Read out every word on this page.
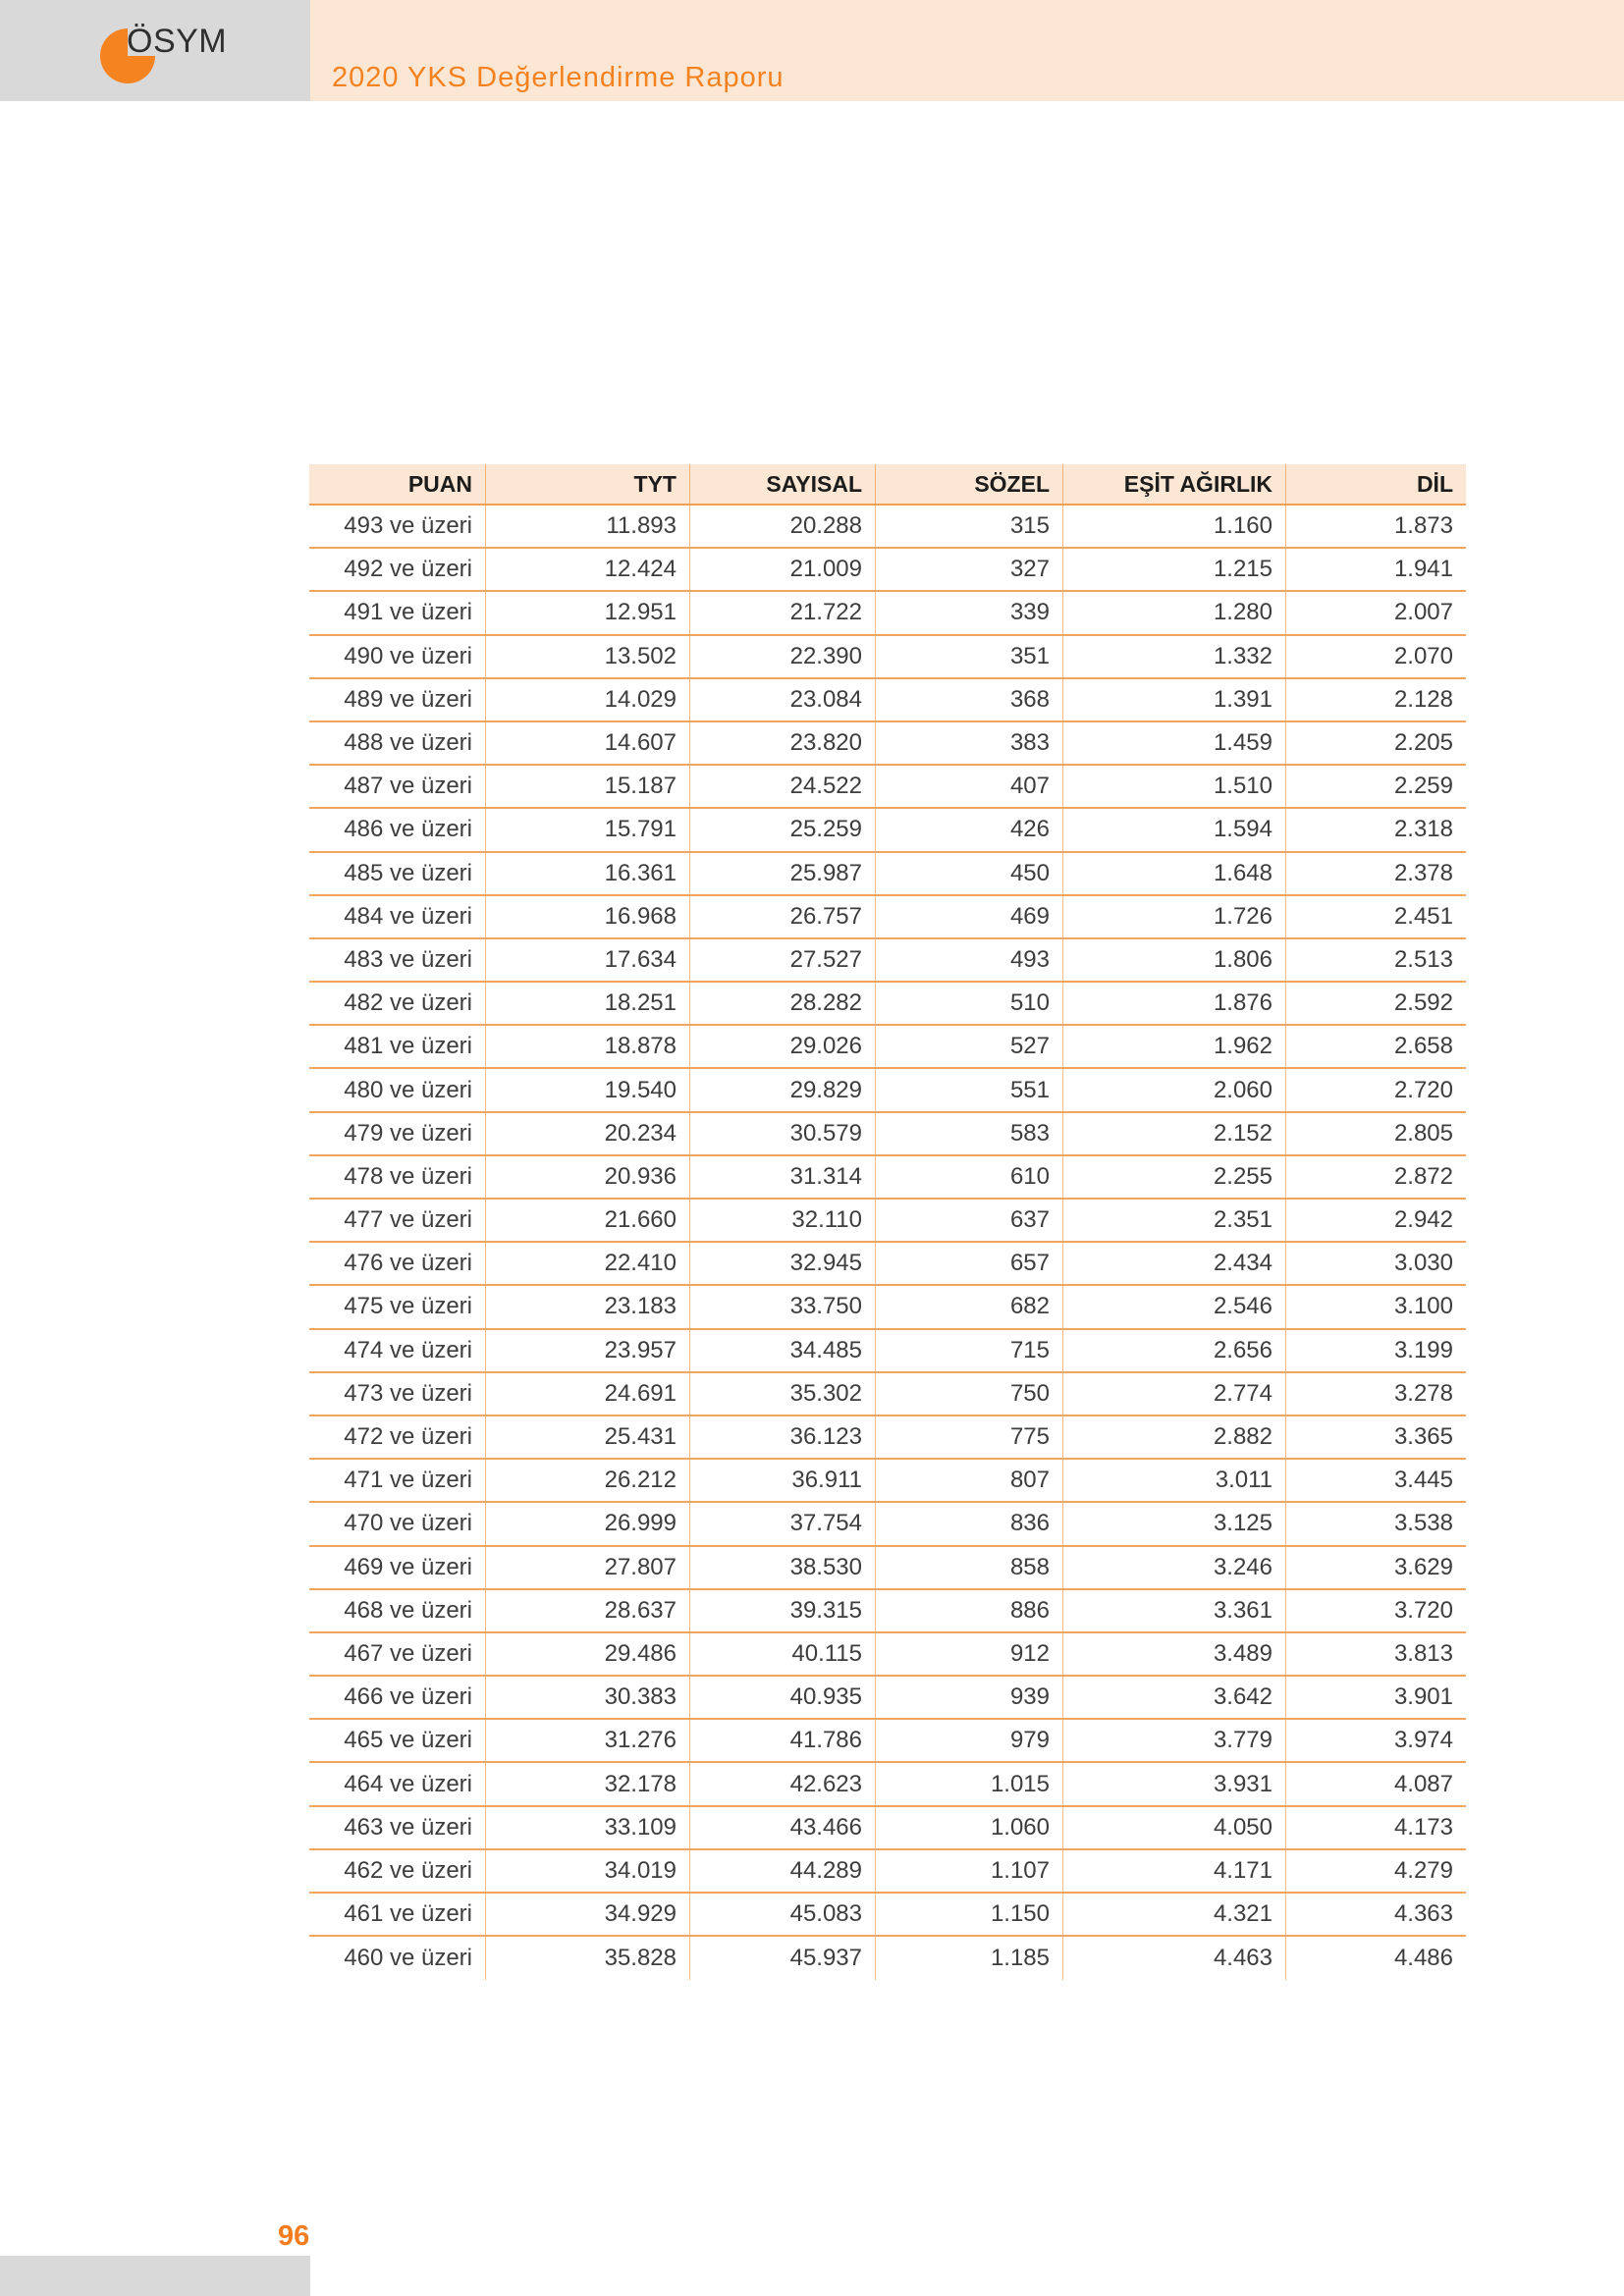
ÖSYM
2020 YKS Değerlendirme Raporu
PUAN	TYT	SAYISAL	SÖZEL	EŞİT AĞIRLIK	DİL
493 ve üzeri	11.893	20.288	315	1.160	1.873
492 ve üzeri	12.424	21.009	327	1.215	1.941
491 ve üzeri	12.951	21.722	339	1.280	2.007
490 ve üzeri	13.502	22.390	351	1.332	2.070
489 ve üzeri	14.029	23.084	368	1.391	2.128
488 ve üzeri	14.607	23.820	383	1.459	2.205
487 ve üzeri	15.187	24.522	407	1.510	2.259
486 ve üzeri	15.791	25.259	426	1.594	2.318
485 ve üzeri	16.361	25.987	450	1.648	2.378
484 ve üzeri	16.968	26.757	469	1.726	2.451
483 ve üzeri	17.634	27.527	493	1.806	2.513
482 ve üzeri	18.251	28.282	510	1.876	2.592
481 ve üzeri	18.878	29.026	527	1.962	2.658
480 ve üzeri	19.540	29.829	551	2.060	2.720
479 ve üzeri	20.234	30.579	583	2.152	2.805
478 ve üzeri	20.936	31.314	610	2.255	2.872
477 ve üzeri	21.660	32.110	637	2.351	2.942
476 ve üzeri	22.410	32.945	657	2.434	3.030
475 ve üzeri	23.183	33.750	682	2.546	3.100
474 ve üzeri	23.957	34.485	715	2.656	3.199
473 ve üzeri	24.691	35.302	750	2.774	3.278
472 ve üzeri	25.431	36.123	775	2.882	3.365
471 ve üzeri	26.212	36.911	807	3.011	3.445
470 ve üzeri	26.999	37.754	836	3.125	3.538
469 ve üzeri	27.807	38.530	858	3.246	3.629
468 ve üzeri	28.637	39.315	886	3.361	3.720
467 ve üzeri	29.486	40.115	912	3.489	3.813
466 ve üzeri	30.383	40.935	939	3.642	3.901
465 ve üzeri	31.276	41.786	979	3.779	3.974
464 ve üzeri	32.178	42.623	1.015	3.931	4.087
463 ve üzeri	33.109	43.466	1.060	4.050	4.173
462 ve üzeri	34.019	44.289	1.107	4.171	4.279
461 ve üzeri	34.929	45.083	1.150	4.321	4.363
460 ve üzeri	35.828	45.937	1.185	4.463	4.486
96
